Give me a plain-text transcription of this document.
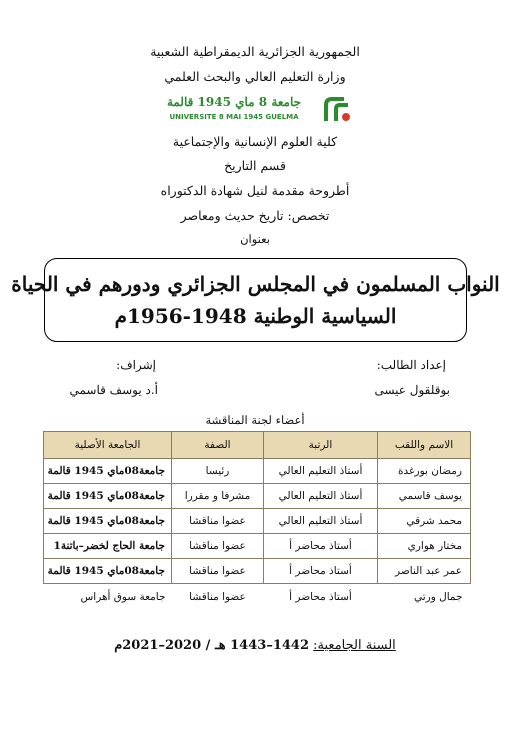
الجمهورية الجزائرية الديمقراطية الشعبية
وزارة التعليم العالي والبحث العلمي
جامعة 8 ماي 1945 قالمة
UNIVERSITE 8 MAI 1945 GUELMA
كلية العلوم الإنسانية والإجتماعية
قسم التاريخ
أطروحة مقدمة لنيل شهادة الدكتوراه
تخصص: تاريخ حديث ومعاصر
بعنوان
النواب المسلمون في المجلس الجزائري ودورهم في الحياة
السياسية الوطنية 1948-1956م
إعداد الطالب:
بوقلقول عيسى
إشراف:
أ.د يوسف قاسمي
أعضاء لجنة المناقشة
الاسم واللقب	الرتبة	الصفة	الجامعة الأصلية
رمضان بورغدة	أستاذ التعليم العالي	رئيسا	جامعة08ماي 1945 قالمة
يوسف قاسمي	أستاذ التعليم العالي	مشرفا و مقررا	جامعة08ماي 1945 قالمة
محمد شرقي	أستاذ التعليم العالي	عضوا مناقشا	جامعة08ماي 1945 قالمة
مختار هواري	أستاذ محاضر أ	عضوا مناقشا	جامعة الحاج لخضر–باتنة1
عمر عبد الناصر	أستاذ محاضر أ	عضوا مناقشا	جامعة08ماي 1945 قالمة
جمال ورتي	أستاذ محاضر أ	عضوا مناقشا	جامعة سوق أهراس
السنة الجامعية: 1442–1443 هـ / 2020–2021م
